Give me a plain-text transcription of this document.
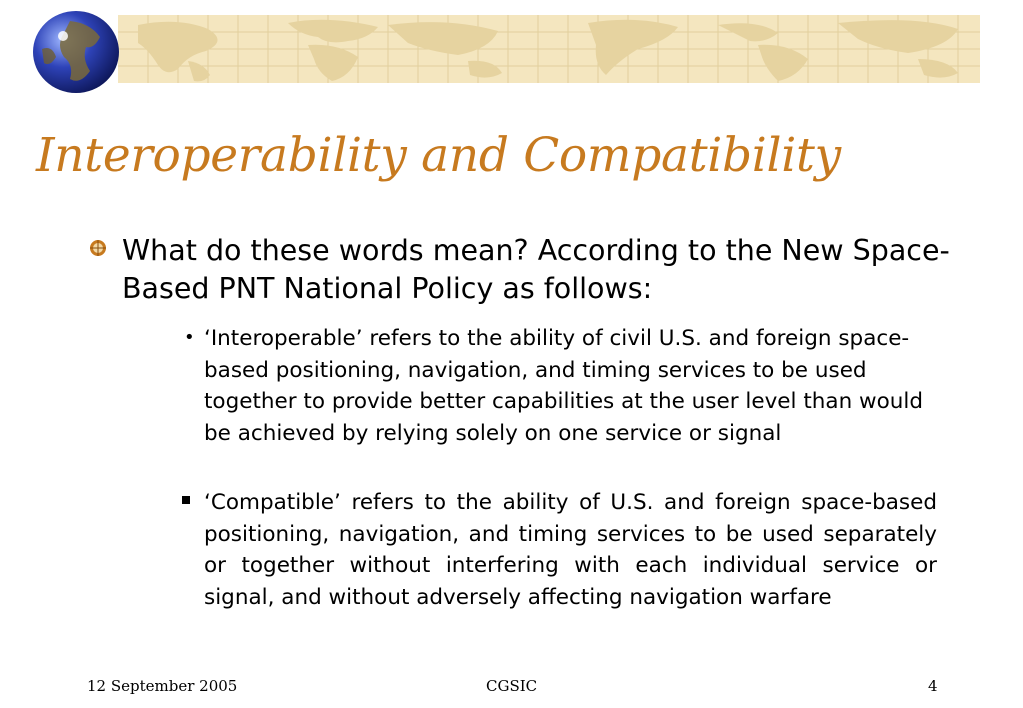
Interoperability and Compatibility
What do these words mean? According to the New Space-Based PNT National Policy as follows:
• ‘Interoperable’ refers to the ability of civil U.S. and foreign space-based positioning, navigation, and timing services to be used together to provide better capabilities at the user level than would be achieved by relying solely on one service or signal
‘Compatible’ refers to the ability of U.S. and foreign space-based positioning, navigation, and timing services to be used separately or together without interfering with each individual service or signal, and without adversely affecting navigation warfare
12 September 2005	CGSIC	4
